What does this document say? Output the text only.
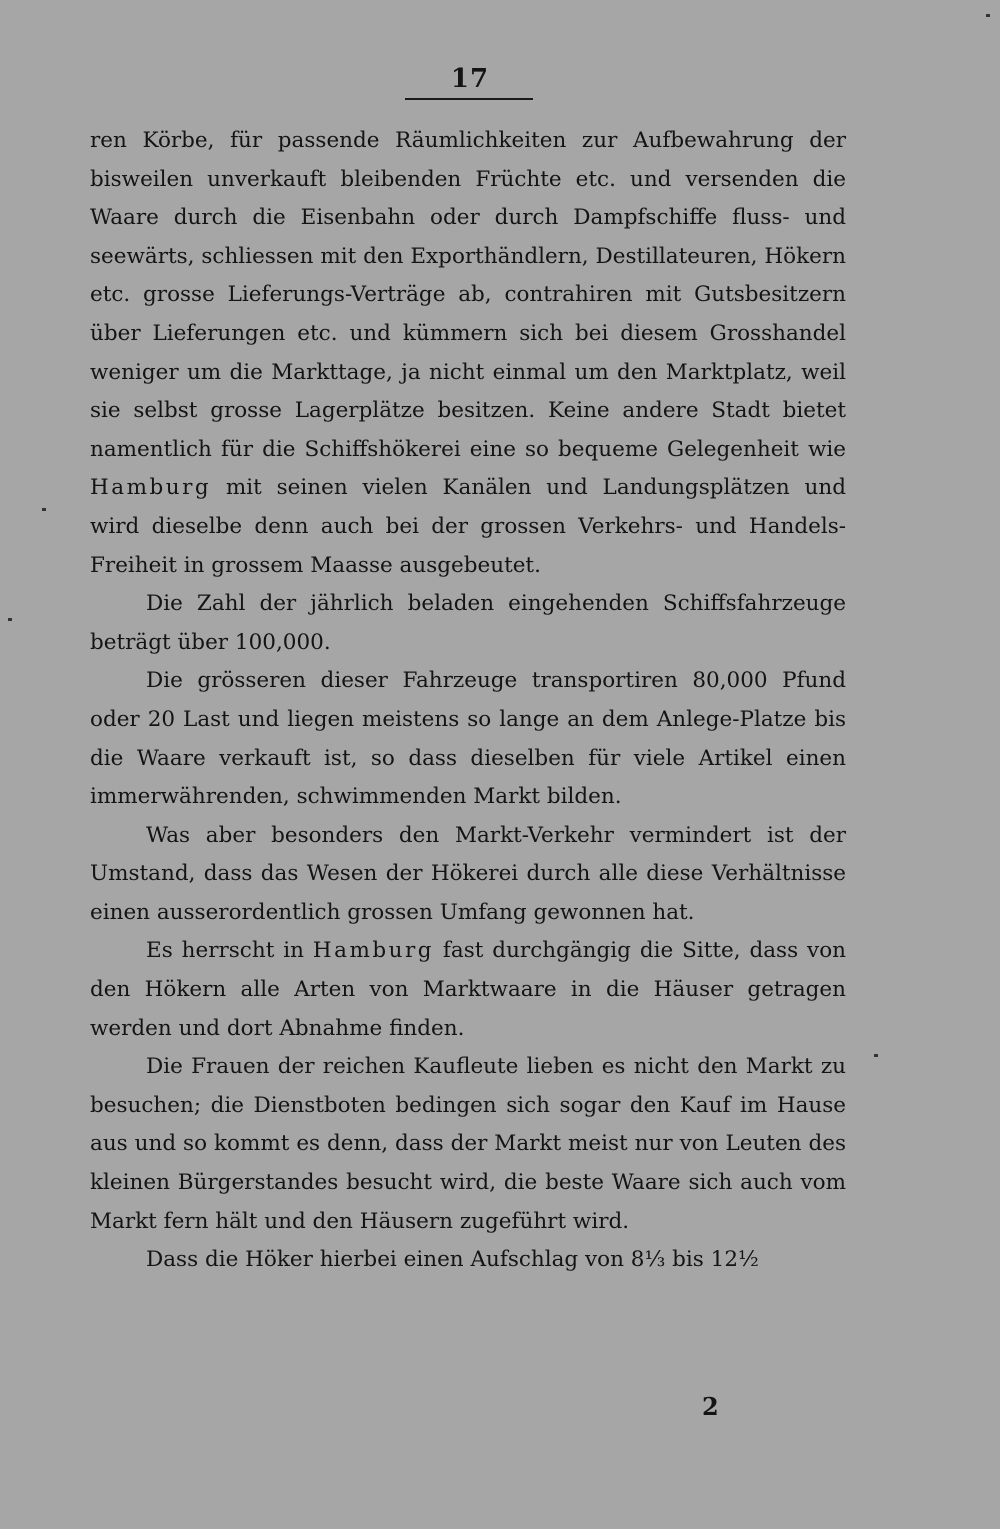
17

ren Körbe, für passende Räumlichkeiten zur Aufbewahrung der bisweilen unverkauft bleibenden Früchte etc. und versenden die Waare durch die Eisenbahn oder durch Dampfschiffe fluss- und seewärts, schliessen mit den Exporthändlern, Destillateuren, Hökern etc. grosse Lieferungs-Verträge ab, contrahiren mit Gutsbesitzern über Lieferungen etc. und kümmern sich bei diesem Grosshandel weniger um die Markttage, ja nicht einmal um den Marktplatz, weil sie selbst grosse Lagerplätze besitzen. Keine andere Stadt bietet namentlich für die Schiffshökerei eine so bequeme Gelegenheit wie Hamburg mit seinen vielen Kanälen und Landungsplätzen und wird dieselbe denn auch bei der grossen Verkehrs- und Handels-Freiheit in grossem Maasse ausgebeutet.

Die Zahl der jährlich beladen eingehenden Schiffsfahrzeuge beträgt über 100,000.

Die grösseren dieser Fahrzeuge transportiren 80,000 Pfund oder 20 Last und liegen meistens so lange an dem Anlege-Platze bis die Waare verkauft ist, so dass dieselben für viele Artikel einen immerwährenden, schwimmenden Markt bilden.

Was aber besonders den Markt-Verkehr vermindert ist der Umstand, dass das Wesen der Hökerei durch alle diese Verhältnisse einen ausserordentlich grossen Umfang gewonnen hat.

Es herrscht in Hamburg fast durchgängig die Sitte, dass von den Hökern alle Arten von Marktwaare in die Häuser getragen werden und dort Abnahme finden.

Die Frauen der reichen Kaufleute lieben es nicht den Markt zu besuchen; die Dienstboten bedingen sich sogar den Kauf im Hause aus und so kommt es denn, dass der Markt meist nur von Leuten des kleinen Bürgerstandes besucht wird, die beste Waare sich auch vom Markt fern hält und den Häusern zugeführt wird.

Dass die Höker hierbei einen Aufschlag von 8⅓ bis 12½

2
